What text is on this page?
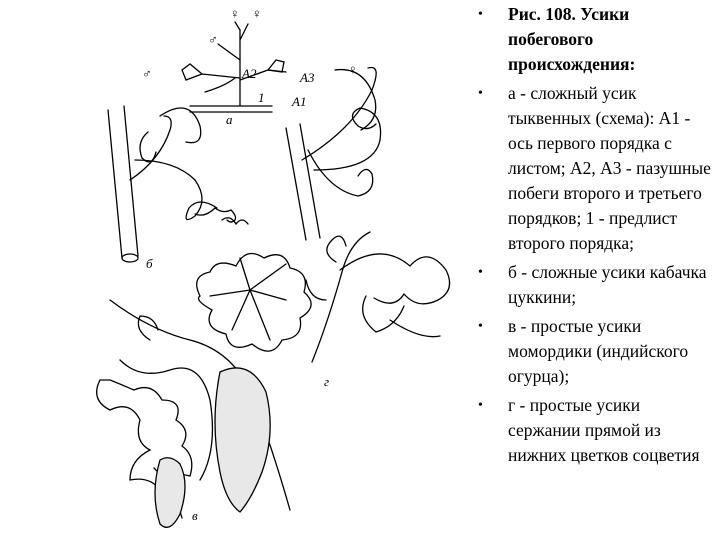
♀ ♀
♂
♂	♀
A2	A3
A1
1
а
б
г
в
• Рис. 108. Усики побегового происхождения:
• а - сложный усик тыквенных (схема): А1 - ось первого порядка с листом; А2, А3 - пазушные побеги второго и третьего порядков; 1 - предлист второго порядка;
• б - сложные усики кабачка цуккини;
• в - простые усики момордики (индийского огурца);
• г - простые усики сержании прямой из нижних цветков соцветия
